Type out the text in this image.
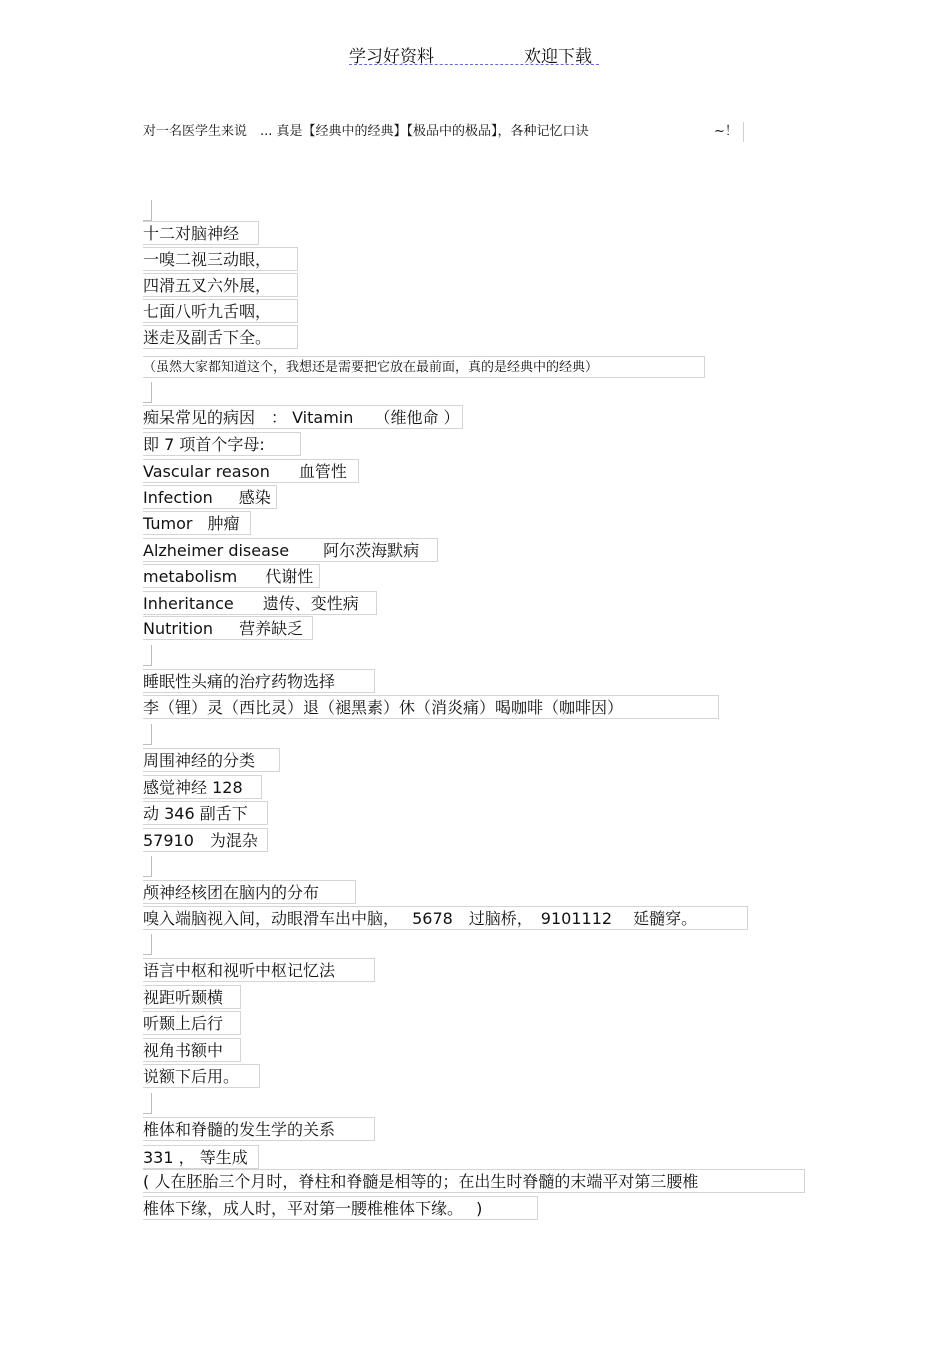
学习好资料	欢迎下载
对一名医学生来说　... 真是【经典中的经典】【极品中的极品】，各种记忆口诀	~！
十二对脑神经
一嗅二视三动眼，
四滑五叉六外展，
七面八听九舌咽，
迷走及副舌下全。
（虽然大家都知道这个，我想还是需要把它放在最前面，真的是经典中的经典）
痴呆常见的病因　： Vitamin　 （维他命 ）
即 7 项首个字母:
Vascular reason 血管性
Infection 感染
Tumor 肿瘤
Alzheimer disease 阿尔茨海默病
metabolism 代谢性
Inheritance 遗传、变性病
Nutrition 营养缺乏
睡眠性头痛的治疗药物选择
李（锂）灵（西比灵）退（褪黑素）休（消炎痛）喝咖啡（咖啡因）
周围神经的分类
感觉神经 128
动 346 副舌下
57910　为混杂
颅神经核团在脑内的分布
嗅入端脑视入间，动眼滑车出中脑，　 5678　过脑桥，　9101112　 延髓穿。
语言中枢和视听中枢记忆法
视距听颞横
听颞上后行
视角书额中
说额下后用。
椎体和脊髓的发生学的关系
331 ， 等生成
( 人在胚胎三个月时，脊柱和脊髓是相等的；在出生时脊髓的末端平对第三腰椎
椎体下缘，成人时，平对第一腰椎椎体下缘。　 )
